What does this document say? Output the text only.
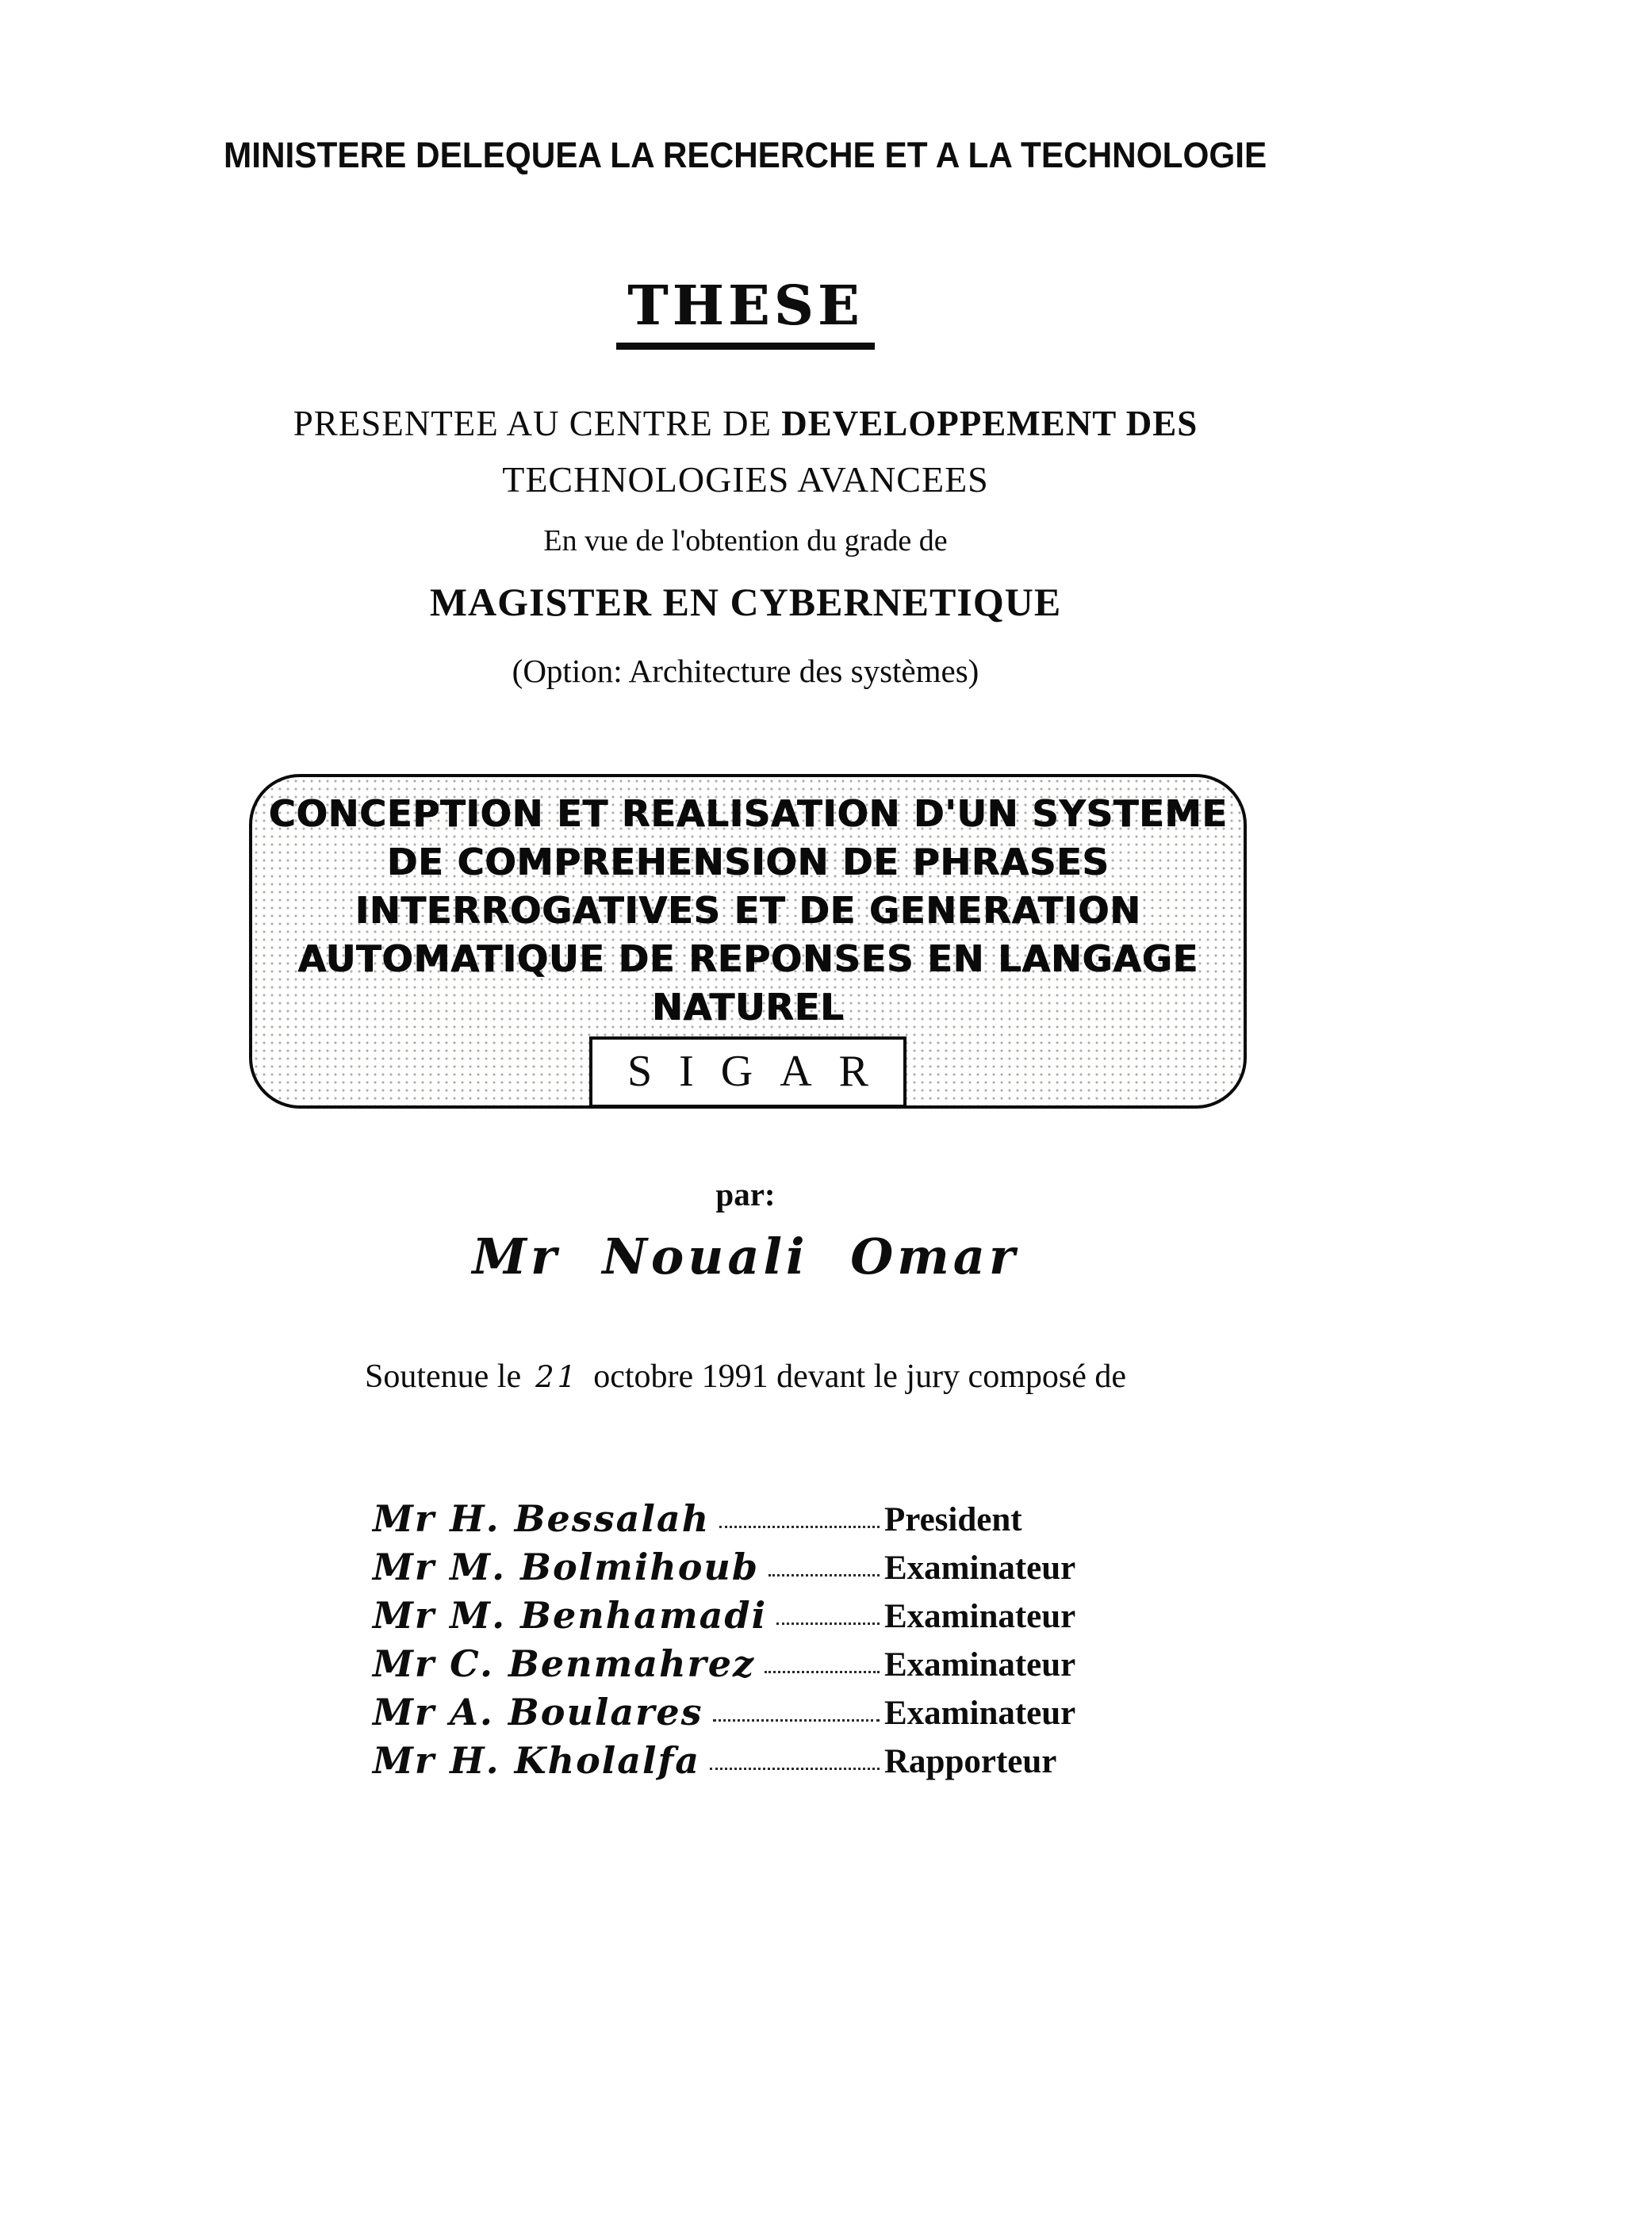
MINISTERE DELEQUEA LA RECHERCHE ET A LA TECHNOLOGIE
THESE
PRESENTEE AU CENTRE DE DEVELOPPEMENT DES
TECHNOLOGIES AVANCEES
En vue de l'obtention du grade de
MAGISTER EN CYBERNETIQUE
(Option: Architecture des systèmes)
CONCEPTION ET REALISATION D'UN SYSTEME
DE COMPREHENSION DE PHRASES
INTERROGATIVES ET DE GENERATION
AUTOMATIQUE DE REPONSES EN LANGAGE
NATUREL
SIGAR
par:
Mr Nouali Omar
Soutenue le 21 octobre 1991 devant le jury composé de
Mr H. Bessalah	President
Mr M. Bolmihoub	Examinateur
Mr M. Benhamadi	Examinateur
Mr C. Benmahrez	Examinateur
Mr A. Boulares	Examinateur
Mr H. Kholalfa	Rapporteur
